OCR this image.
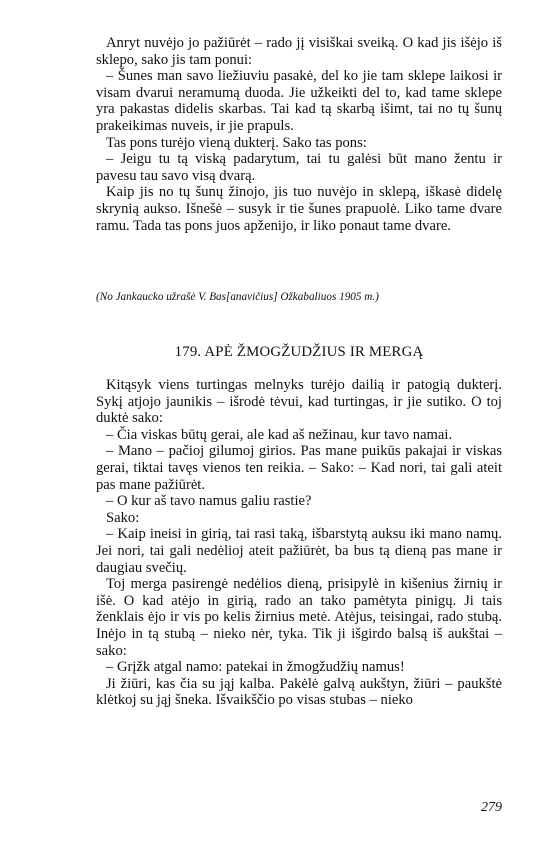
Anryt nuvėjo jo pažiūrėt – rado jį visiškai sveiką. O kad jis išėjo iš sklepo, sako jis tam ponui:

– Šunes man savo liežiuviu pasakė, del ko jie tam sklepe laikosi ir visam dvarui neramumą duoda. Jie užkeikti del to, kad tame sklepe yra pakastas didelis skarbas. Tai kad tą skarbą išimt, tai no tų šunų prakeikimas nuveis, ir jie prapuls.

Tas pons turėjo vieną dukterį. Sako tas pons:

– Jeigu tu tą viską padarytum, tai tu galėsi būt mano žentu ir pavesu tau savo visą dvarą.

Kaip jis no tų šunų žinojo, jis tuo nuvėjo in sklepą, iškasė didelę skrynią aukso. Išnešė – susyk ir tie šunes prapuolė. Liko tame dvare ramu. Tada tas pons juos apženijo, ir liko ponaut tame dvare.

(No Jankaucko užrašė V. Bas[anavičius] Ožkabaliuos 1905 m.)
179. APĖ ŽMOGŽUDŽIUS IR MERGĄ

Kitąsyk viens turtingas melnyks turėjo dailią ir patogią dukterį. Sykį atjojo jaunikis – išrodė tėvui, kad turtingas, ir jie sutiko. O toj duktė sako:

– Čia viskas būtų gerai, ale kad aš nežinau, kur tavo namai.

– Mano – pačioj gilumoj girios. Pas mane puikūs pakajai ir viskas gerai, tiktai tavęs vienos ten reikia. – Sako: – Kad nori, tai gali ateit pas mane pažiūrėt.

– O kur aš tavo namus galiu rastie?

Sako:

– Kaip ineisi in girią, tai rasi taką, išbarstytą auksu iki mano namų. Jei nori, tai gali nedėlioj ateit pažiūrėt, ba bus tą dieną pas mane ir daugiau svečių.

Toj merga pasirengė nedėlios dieną, prisipylė in kišenius žirnių ir išė. O kad atėjo in girią, rado an tako pamėtyta pinigų. Ji tais ženklais ėjo ir vis po kelis žirnius metė. Atėjus, teisingai, rado stubą. Inėjo in tą stubą – nieko nėr, tyka. Tik ji išgirdo balsą iš aukštai – sako:

– Grįžk atgal namo: patekai in žmogžudžių namus!

Ji žiūri, kas čia su jąj kalba. Pakėlė galvą aukštyn, žiūri – paukštė klėtkoj su jąj šneka. Išvaikščio po visas stubas – nieko

279
